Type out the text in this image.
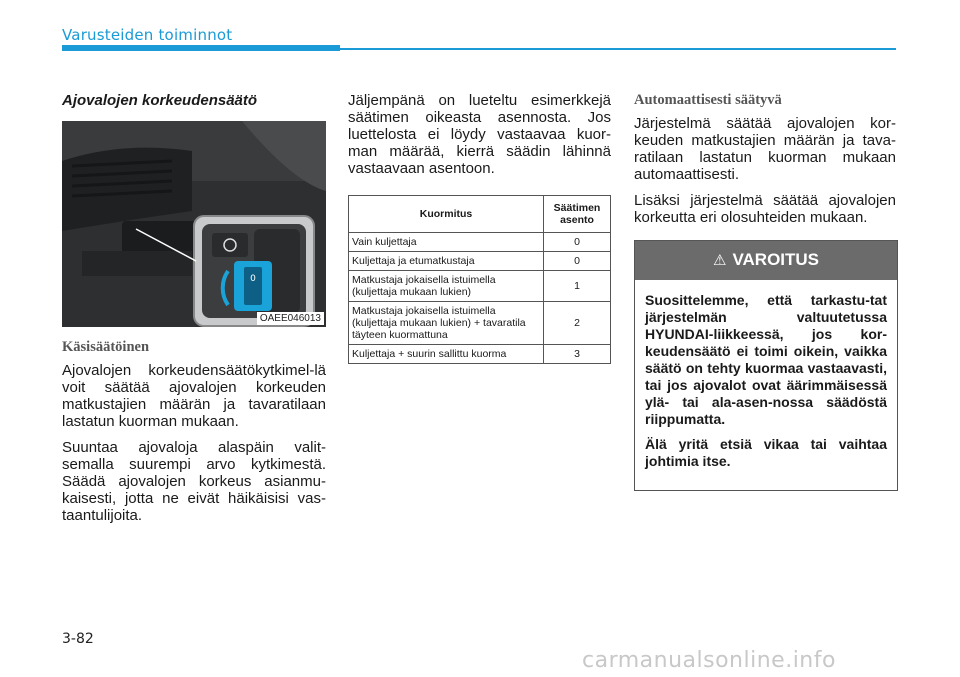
Varusteiden toiminnot
Ajovalojen korkeudensäätö
0
OAEE046013
Käsisäätöinen

Ajovalojen korkeudensäätökytkimel-lä voit säätää ajovalojen korkeuden matkustajien määrän ja tavaratilaan lastatun kuorman mukaan.

Suuntaa ajovaloja alaspäin valit-semalla suurempi arvo kytkimestä. Säädä ajovalojen korkeus asianmu-kaisesti, jotta ne eivät häikäisisi vas-taantulijoita.

Jäljempänä on lueteltu esimerkkejä säätimen oikeasta asennosta. Jos luettelosta ei löydy vastaavaa kuor-man määrää, kierrä säädin lähinnä vastaavaan asentoon.

Kuormitus	Säätimen asento
Vain kuljettaja	0
Kuljettaja ja etumatkustaja	0
Matkustaja jokaisella istuimella (kuljettaja mukaan lukien)	1
Matkustaja jokaisella istuimella (kuljettaja mukaan lukien) + tavaratila täyteen kuormattuna	2
Kuljettaja + suurin sallittu kuorma	3
Automaattisesti säätyvä

Järjestelmä säätää ajovalojen kor-keuden matkustajien määrän ja tava-ratilaan lastatun kuorman mukaan automaattisesti.

Lisäksi järjestelmä säätää ajovalojen korkeutta eri olosuhteiden mukaan.

⚠ VAROITUS

Suosittelemme, että tarkastu-tat järjestelmän valtuutetussa HYUNDAI-liikkeessä, jos kor-keudensäätö ei toimi oikein, vaikka säätö on tehty kuormaa vastaavasti, tai jos ajovalot ovat äärimmäisessä ylä- tai ala-asen-nossa säädöstä riippumatta.

Älä yritä etsiä vikaa tai vaihtaa johtimia itse.

3-82
carmanualsonline.info
